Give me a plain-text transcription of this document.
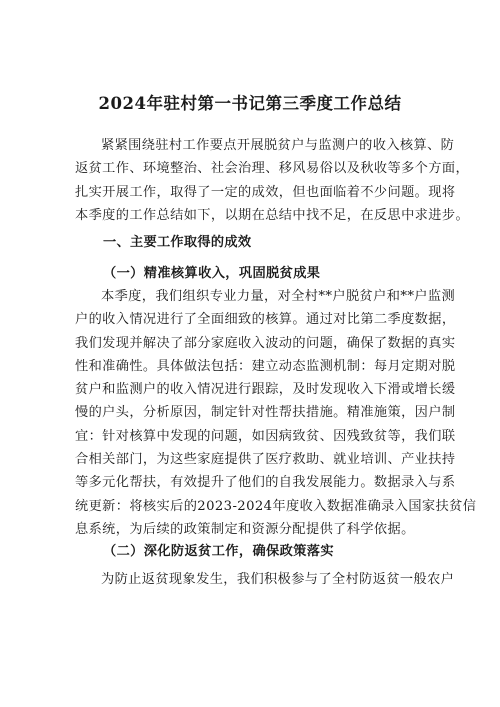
2024年驻村第一书记第三季度工作总结
紧紧围绕驻村工作要点开展脱贫户与监测户的收入核算、防
返贫工作、环境整治、社会治理、移风易俗以及秋收等多个方面，
扎实开展工作，取得了一定的成效，但也面临着不少问题。现将
本季度的工作总结如下，以期在总结中找不足，在反思中求进步。
一、主要工作取得的成效
（一）精准核算收入，巩固脱贫成果
本季度，我们组织专业力量，对全村**户脱贫户和**户监测
户的收入情况进行了全面细致的核算。通过对比第二季度数据，
我们发现并解决了部分家庭收入波动的问题，确保了数据的真实
性和准确性。具体做法包括：建立动态监测机制：每月定期对脱
贫户和监测户的收入情况进行跟踪，及时发现收入下滑或增长缓
慢的户头，分析原因，制定针对性帮扶措施。精准施策，因户制
宜：针对核算中发现的问题，如因病致贫、因残致贫等，我们联
合相关部门，为这些家庭提供了医疗救助、就业培训、产业扶持
等多元化帮扶，有效提升了他们的自我发展能力。数据录入与系
统更新：将核实后的2023-2024年度收入数据准确录入国家扶贫信
息系统，为后续的政策制定和资源分配提供了科学依据。
（二）深化防返贫工作，确保政策落实
为防止返贫现象发生，我们积极参与了全村防返贫一般农户
